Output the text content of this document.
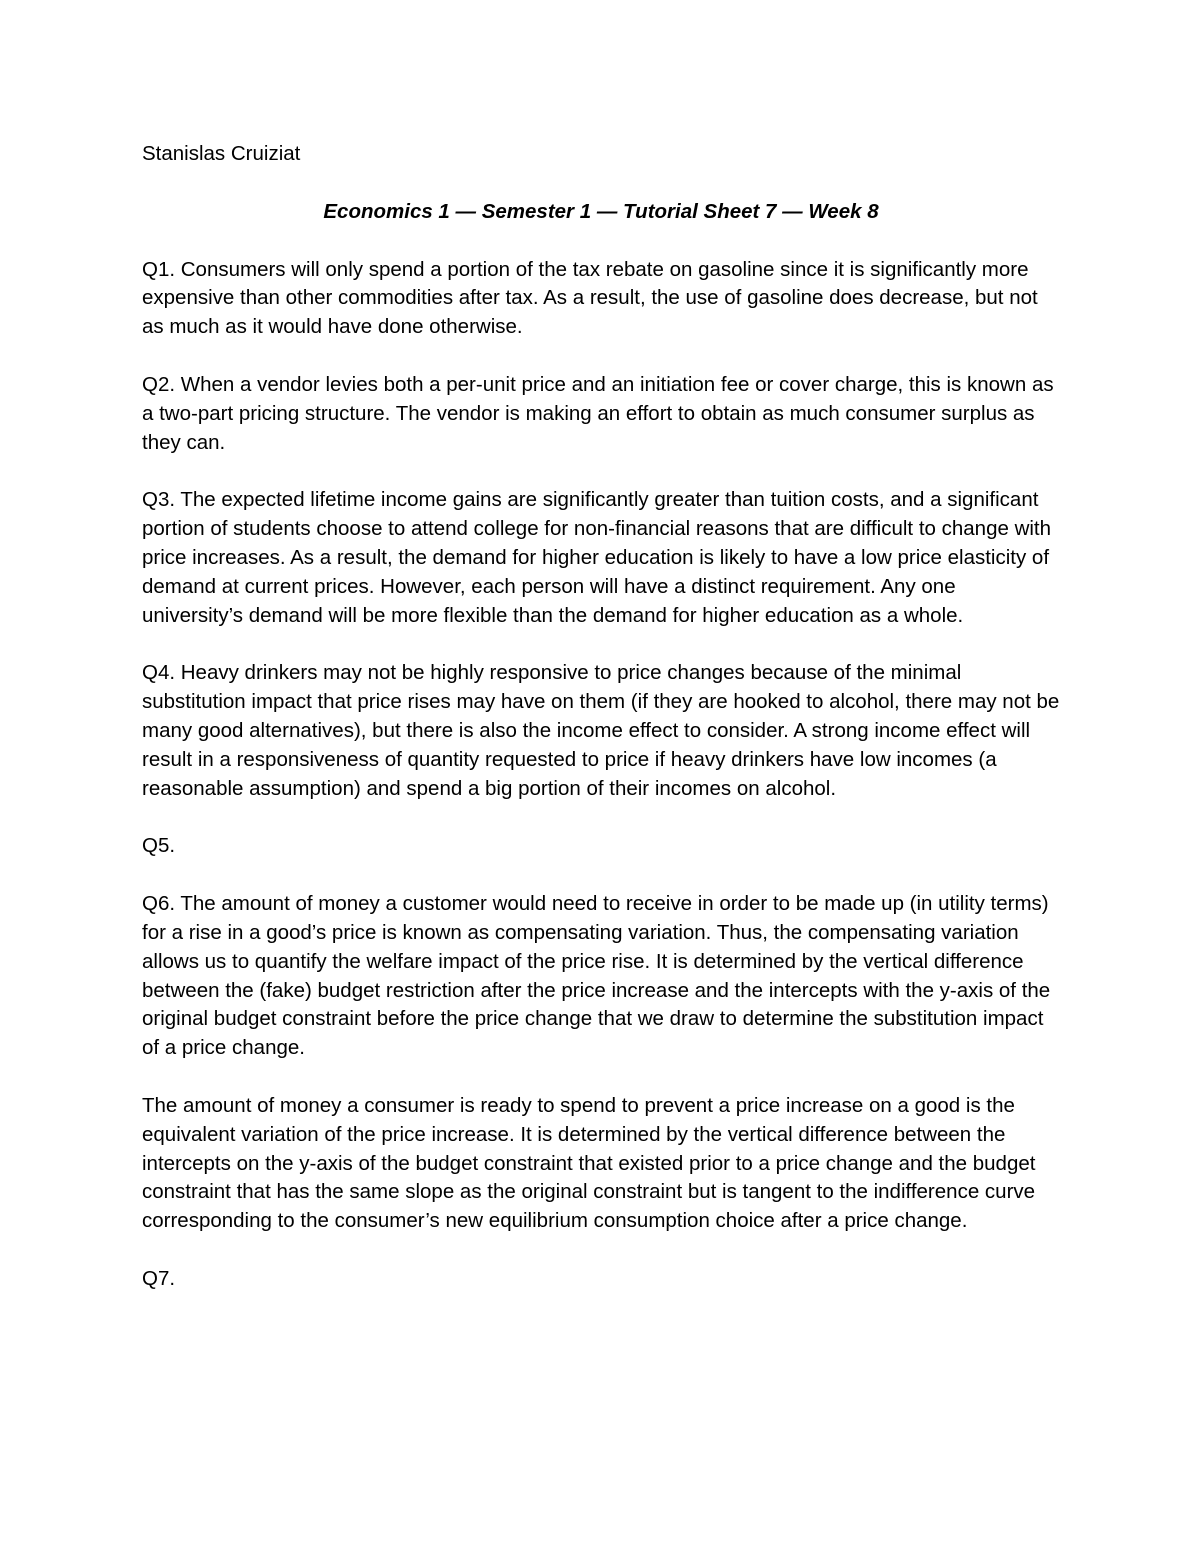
Stanislas Cruiziat

Economics 1 — Semester 1 — Tutorial Sheet 7 — Week 8

Q1. Consumers will only spend a portion of the tax rebate on gasoline since it is significantly more expensive than other commodities after tax. As a result, the use of gasoline does decrease, but not as much as it would have done otherwise.

Q2. When a vendor levies both a per-unit price and an initiation fee or cover charge, this is known as a two-part pricing structure. The vendor is making an effort to obtain as much consumer surplus as they can.

Q3. The expected lifetime income gains are significantly greater than tuition costs, and a significant portion of students choose to attend college for non-financial reasons that are difficult to change with price increases. As a result, the demand for higher education is likely to have a low price elasticity of demand at current prices. However, each person will have a distinct requirement. Any one university’s demand will be more flexible than the demand for higher education as a whole.

Q4. Heavy drinkers may not be highly responsive to price changes because of the minimal substitution impact that price rises may have on them (if they are hooked to alcohol, there may not be many good alternatives), but there is also the income effect to consider. A strong income effect will result in a responsiveness of quantity requested to price if heavy drinkers have low incomes (a reasonable assumption) and spend a big portion of their incomes on alcohol.

Q5.

Q6. The amount of money a customer would need to receive in order to be made up (in utility terms) for a rise in a good’s price is known as compensating variation. Thus, the compensating variation allows us to quantify the welfare impact of the price rise. It is determined by the vertical difference between the (fake) budget restriction after the price increase and the intercepts with the y-axis of the original budget constraint before the price change that we draw to determine the substitution impact of a price change.

The amount of money a consumer is ready to spend to prevent a price increase on a good is the equivalent variation of the price increase. It is determined by the vertical difference between the intercepts on the y-axis of the budget constraint that existed prior to a price change and the budget constraint that has the same slope as the original constraint but is tangent to the indifference curve corresponding to the consumer’s new equilibrium consumption choice after a price change.

Q7.
